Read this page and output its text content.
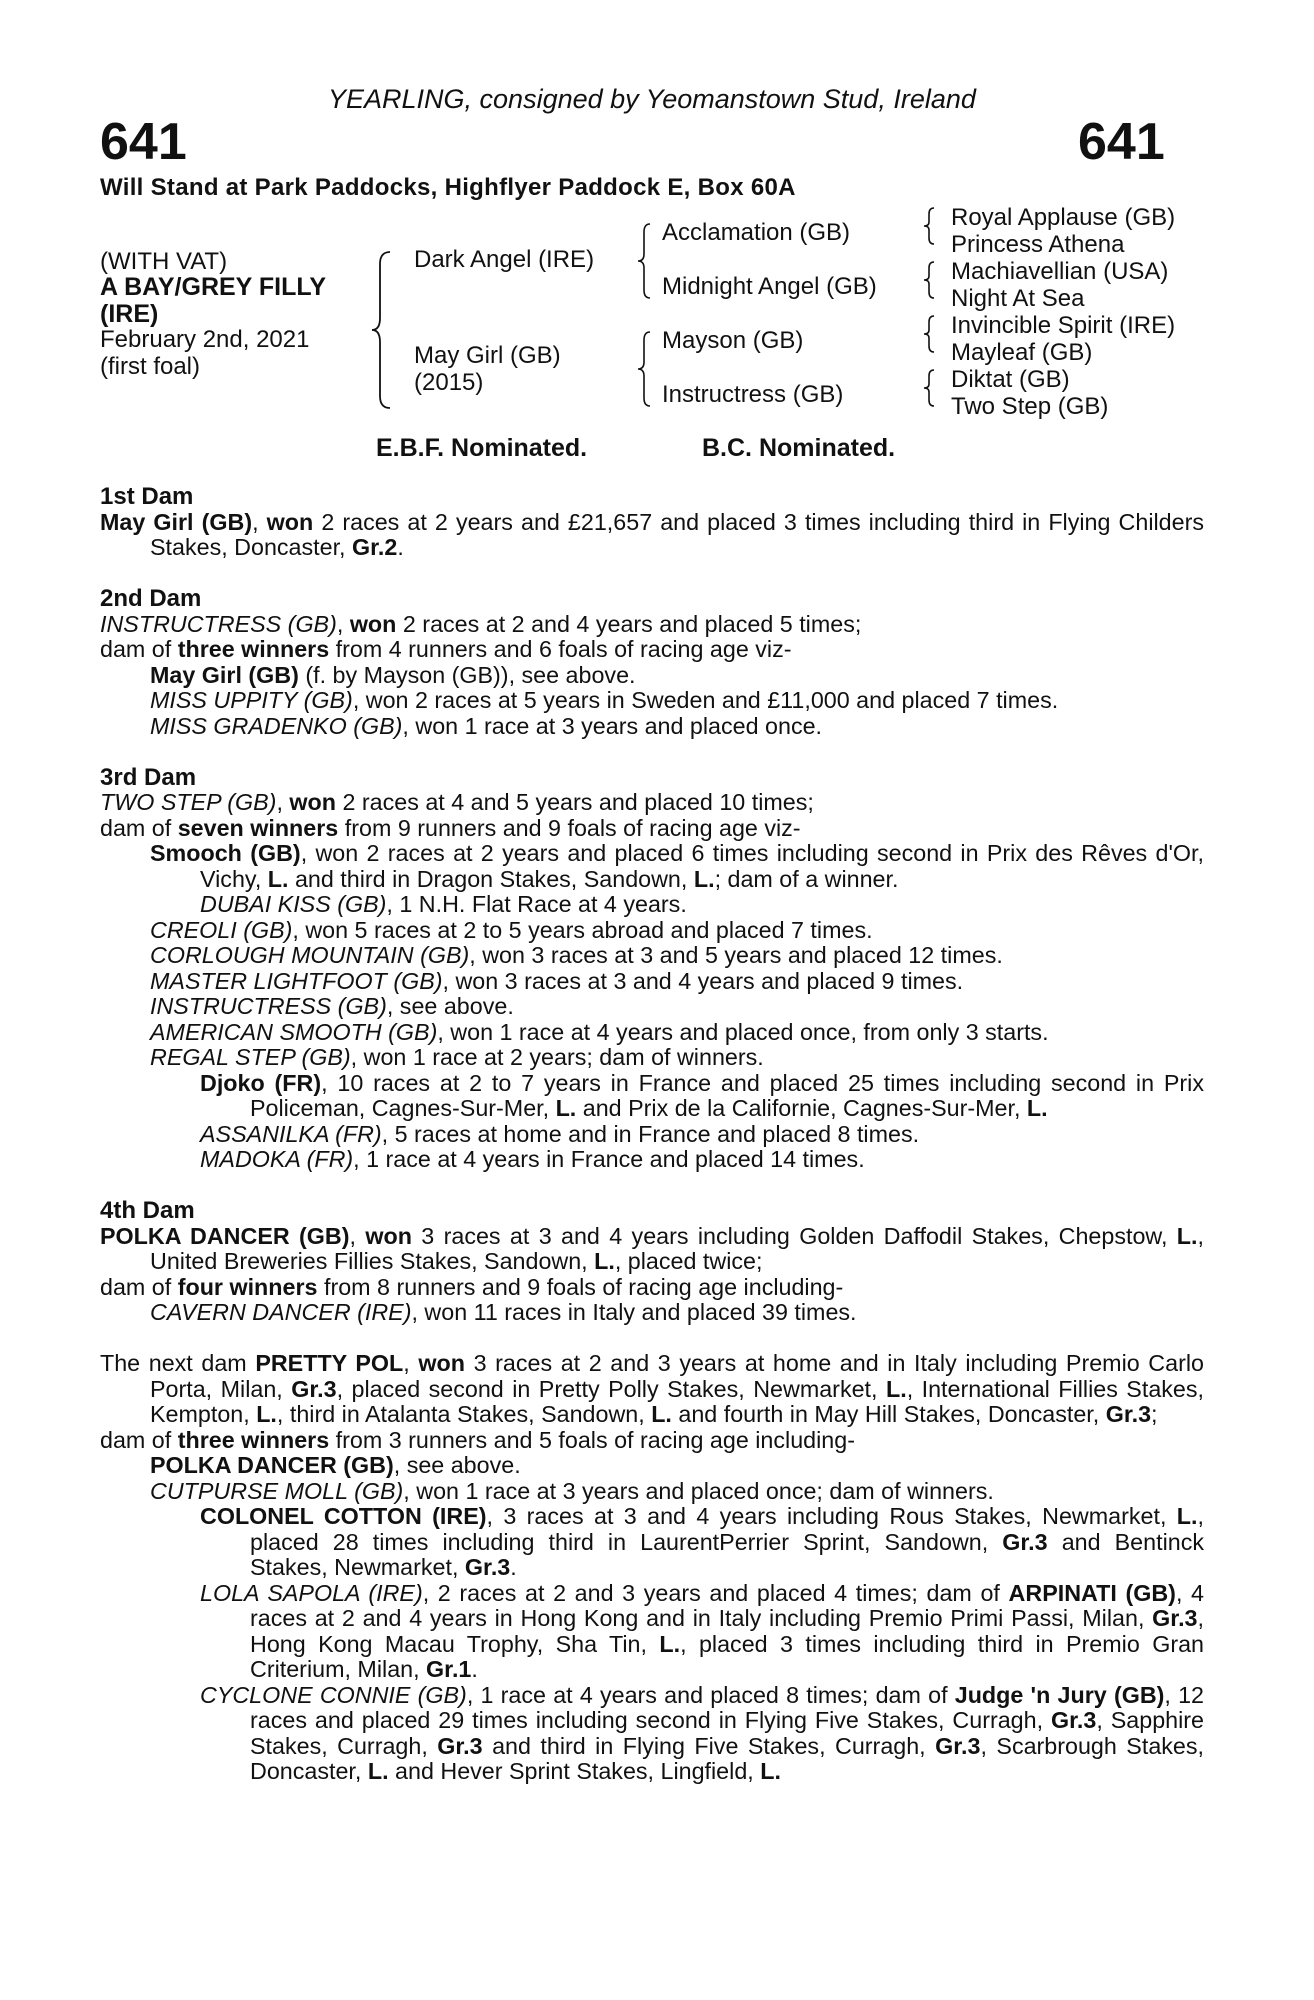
YEARLING, consigned by Yeomanstown Stud, Ireland
641	641
Will Stand at Park Paddocks, Highflyer Paddock E, Box 60A
(WITH VAT)
A BAY/GREY FILLY
(IRE)
February 2nd, 2021
(first foal)
Dark Angel (IRE)
May Girl (GB)
(2015)
Acclamation (GB)
Midnight Angel (GB)
Mayson (GB)
Instructress (GB)
Royal Applause (GB)
Princess Athena
Machiavellian (USA)
Night At Sea
Invincible Spirit (IRE)
Mayleaf (GB)
Diktat (GB)
Two Step (GB)
E.B.F. Nominated.	B.C. Nominated.
1st Dam

May Girl (GB), won 2 races at 2 years and £21,657 and placed 3 times including third in Flying Childers Stakes, Doncaster, Gr.2.

2nd Dam

INSTRUCTRESS (GB), won 2 races at 2 and 4 years and placed 5 times;

dam of three winners from 4 runners and 6 foals of racing age viz-

May Girl (GB) (f. by Mayson (GB)), see above.

MISS UPPITY (GB), won 2 races at 5 years in Sweden and £11,000 and placed 7 times.

MISS GRADENKO (GB), won 1 race at 3 years and placed once.

3rd Dam

TWO STEP (GB), won 2 races at 4 and 5 years and placed 10 times;

dam of seven winners from 9 runners and 9 foals of racing age viz-

Smooch (GB), won 2 races at 2 years and placed 6 times including second in Prix des Rêves d'Or, Vichy, L. and third in Dragon Stakes, Sandown, L.; dam of a winner.

DUBAI KISS (GB), 1 N.H. Flat Race at 4 years.

CREOLI (GB), won 5 races at 2 to 5 years abroad and placed 7 times.

CORLOUGH MOUNTAIN (GB), won 3 races at 3 and 5 years and placed 12 times.

MASTER LIGHTFOOT (GB), won 3 races at 3 and 4 years and placed 9 times.

INSTRUCTRESS (GB), see above.

AMERICAN SMOOTH (GB), won 1 race at 4 years and placed once, from only 3 starts.

REGAL STEP (GB), won 1 race at 2 years; dam of winners.

Djoko (FR), 10 races at 2 to 7 years in France and placed 25 times including second in Prix Policeman, Cagnes-Sur-Mer, L. and Prix de la Californie, Cagnes-Sur-Mer, L.

ASSANILKA (FR), 5 races at home and in France and placed 8 times.

MADOKA (FR), 1 race at 4 years in France and placed 14 times.

4th Dam

POLKA DANCER (GB), won 3 races at 3 and 4 years including Golden Daffodil Stakes, Chepstow, L., United Breweries Fillies Stakes, Sandown, L., placed twice;

dam of four winners from 8 runners and 9 foals of racing age including-

CAVERN DANCER (IRE), won 11 races in Italy and placed 39 times.

The next dam PRETTY POL, won 3 races at 2 and 3 years at home and in Italy including Premio Carlo Porta, Milan, Gr.3, placed second in Pretty Polly Stakes, Newmarket, L., International Fillies Stakes, Kempton, L., third in Atalanta Stakes, Sandown, L. and fourth in May Hill Stakes, Doncaster, Gr.3;

dam of three winners from 3 runners and 5 foals of racing age including-

POLKA DANCER (GB), see above.

CUTPURSE MOLL (GB), won 1 race at 3 years and placed once; dam of winners.

COLONEL COTTON (IRE), 3 races at 3 and 4 years including Rous Stakes, Newmarket, L., placed 28 times including third in LaurentPerrier Sprint, Sandown, Gr.3 and Bentinck Stakes, Newmarket, Gr.3.

LOLA SAPOLA (IRE), 2 races at 2 and 3 years and placed 4 times; dam of ARPINATI (GB), 4 races at 2 and 4 years in Hong Kong and in Italy including Premio Primi Passi, Milan, Gr.3, Hong Kong Macau Trophy, Sha Tin, L., placed 3 times including third in Premio Gran Criterium, Milan, Gr.1.

CYCLONE CONNIE (GB), 1 race at 4 years and placed 8 times; dam of Judge 'n Jury (GB), 12 races and placed 29 times including second in Flying Five Stakes, Curragh, Gr.3, Sapphire Stakes, Curragh, Gr.3 and third in Flying Five Stakes, Curragh, Gr.3, Scarbrough Stakes, Doncaster, L. and Hever Sprint Stakes, Lingfield, L.
